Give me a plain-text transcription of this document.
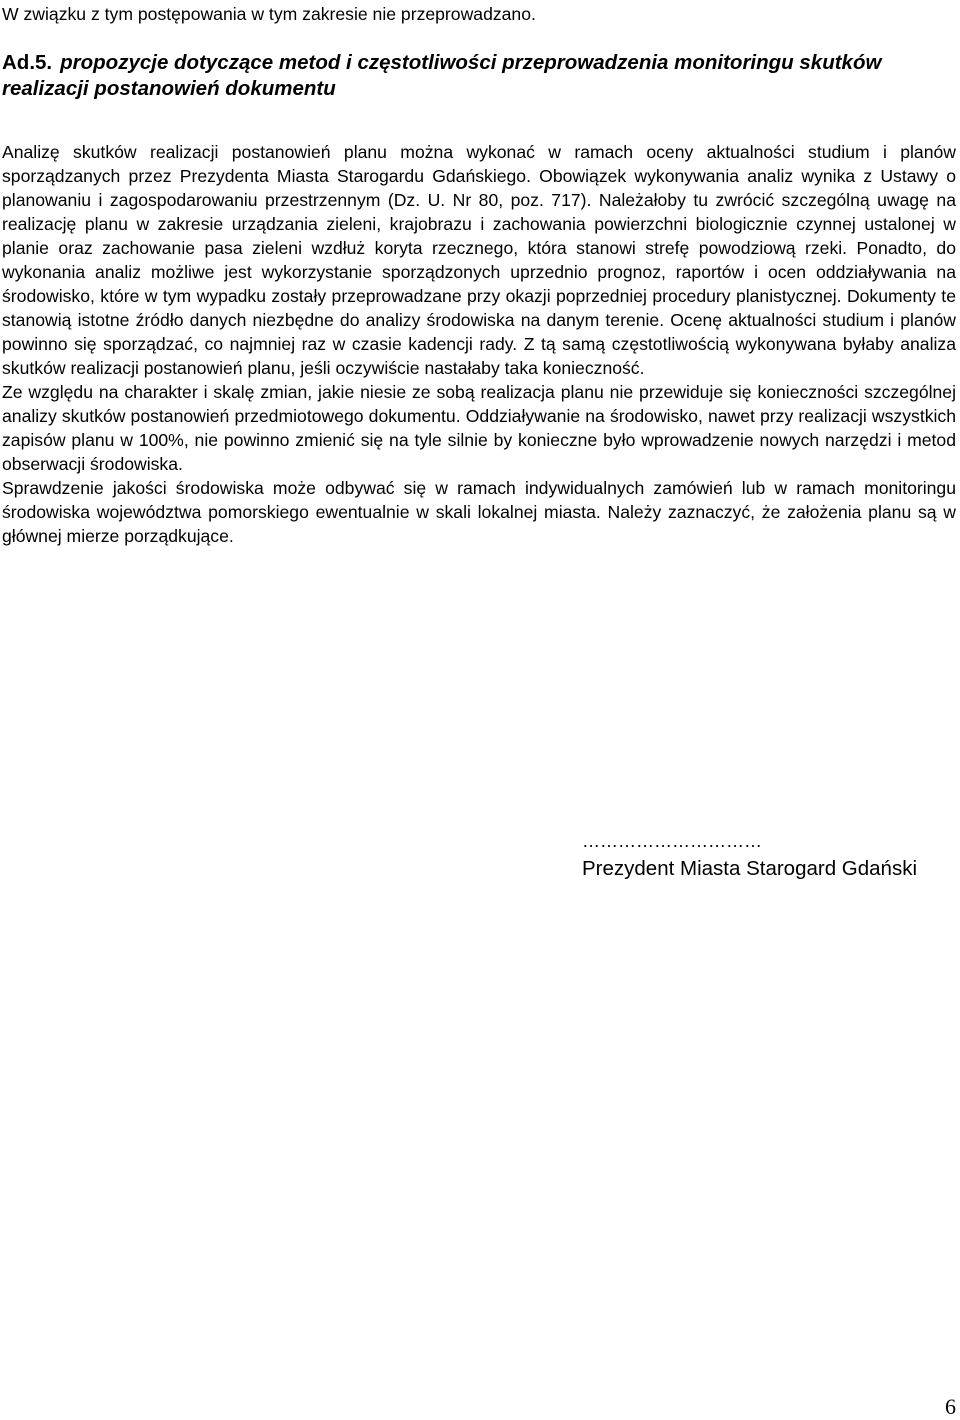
W związku z tym postępowania w tym zakresie nie przeprowadzano.

Ad.5. propozycje dotyczące metod i częstotliwości przeprowadzenia monitoringu skutków realizacji postanowień dokumentu
Analizę skutków realizacji postanowień planu można wykonać w ramach oceny aktualności studium i planów sporządzanych przez Prezydenta Miasta Starogardu Gdańskiego. Obowiązek wykonywania analiz wynika z Ustawy o planowaniu i zagospodarowaniu przestrzennym (Dz. U. Nr 80, poz. 717). Należałoby tu zwrócić szczególną uwagę na realizację planu w zakresie urządzania zieleni, krajobrazu i zachowania powierzchni biologicznie czynnej ustalonej w planie oraz zachowanie pasa zieleni wzdłuż koryta rzecznego, która stanowi strefę powodziową rzeki. Ponadto, do wykonania analiz możliwe jest wykorzystanie sporządzonych uprzednio prognoz, raportów i ocen oddziaływania na środowisko, które w tym wypadku zostały przeprowadzane przy okazji poprzedniej procedury planistycznej. Dokumenty te stanowią istotne źródło danych niezbędne do analizy środowiska na danym terenie. Ocenę aktualności studium i planów powinno się sporządzać, co najmniej raz w czasie kadencji rady. Z tą samą częstotliwością wykonywana byłaby analiza skutków realizacji postanowień planu, jeśli oczywiście nastałaby taka konieczność.
Ze względu na charakter i skalę zmian, jakie niesie ze sobą realizacja planu nie przewiduje się konieczności szczególnej analizy skutków postanowień przedmiotowego dokumentu. Oddziaływanie na środowisko, nawet przy realizacji wszystkich zapisów planu w 100%, nie powinno zmienić się na tyle silnie by konieczne było wprowadzenie nowych narzędzi i metod obserwacji środowiska.
Sprawdzenie jakości środowiska może odbywać się w ramach indywidualnych zamówień lub w ramach monitoringu środowiska województwa pomorskiego ewentualnie w skali lokalnej miasta. Należy zaznaczyć, że założenia planu są w głównej mierze porządkujące.
…………………………
Prezydent Miasta Starogard Gdański
6
